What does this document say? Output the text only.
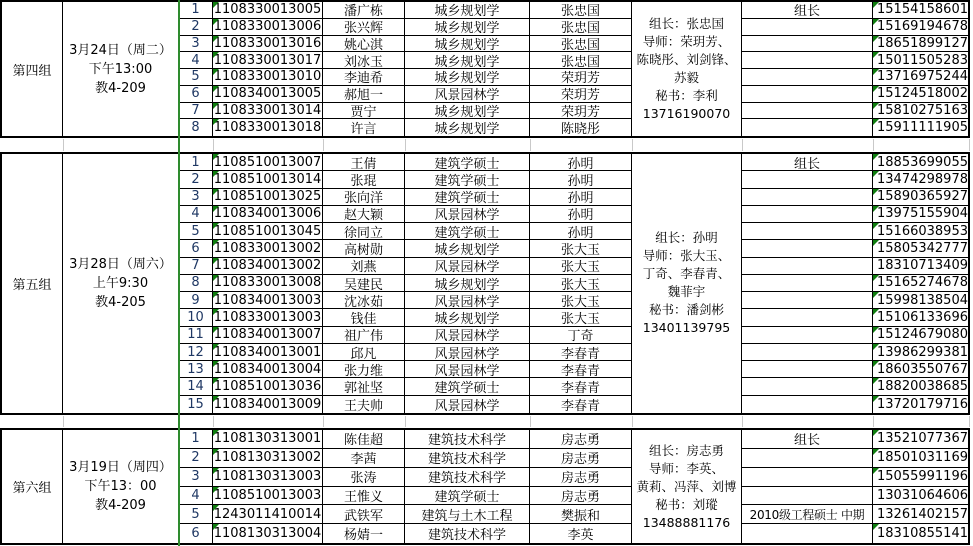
第四组
3月24日（周二）
下午13:00
教4-209
组长：张忠国
导师：荣玥芳、
陈晓彤、刘剑锋、
苏毅
秘书：李利
13716190070
1	1108330013005	潘广栋	城乡规划学	张忠国	组长	15154158601
2	1108330013006	张兴辉	城乡规划学	张忠国	15169194678
3	1108330013016	姚心淇	城乡规划学	张忠国	18651899127
4	1108330013017	刘冰玉	城乡规划学	张忠国	15011505283
5	1108330013010	李迪希	城乡规划学	荣玥芳	13716975244
6	1108340013005	郝旭一	风景园林学	荣玥芳	15124518002
7	1108330013014	贾宁	城乡规划学	荣玥芳	15810275163
8	1108330013018	许言	城乡规划学	陈晓彤	15911111905
第五组
3月28日（周六）
上午9:30
教4-205
组长：孙明
导师：张大玉、
丁奇、李春青、
魏菲宇
秘书：潘剑彬
13401139795
1	1108510013007	王倩	建筑学硕士	孙明	组长	18853699055
2	1108510013014	张琨	建筑学硕士	孙明	13474298978
3	1108510013025	张向洋	建筑学硕士	孙明	15890365927
4	1108340013006	赵大颖	风景园林学	孙明	13975155904
5	1108510013045	徐同立	建筑学硕士	孙明	15166038953
6	1108330013002	高树勋	城乡规划学	张大玉	15805342777
7	1108340013002	刘燕	风景园林学	张大玉	18310713409
8	1108330013008	吴建民	城乡规划学	张大玉	15165274678
9	1108340013003	沈冰茹	风景园林学	张大玉	15998138504
10 1108330013003	钱佳	城乡规划学	张大玉	15106133696
11 1108340013007	祖广伟	风景园林学	丁奇	15124679080
12 1108340013001	邱凡	风景园林学	李春青	13986299381
13 1108340013004	张力维	风景园林学	李春青	18603550767
14 1108510013036	郭祉坚	建筑学硕士	李春青	18820038685
15 1108340013009	王夫帅	风景园林学	李春青	13720179716
第六组
3月19日（周四）
下午13：00
教4-209
组长：房志勇
导师：李英、
黄莉、冯萍、刘博
秘书：刘瑽
13488881176
1	1108130313001	陈佳超	建筑技术科学	房志勇	组长	13521077367
2	1108130313002	李茜	建筑技术科学	房志勇	18501031169
3	1108130313003	张涛	建筑技术科学	房志勇	15055991196
4	1108510013003	王惟义	建筑学硕士	房志勇	13031064606
5	1243011410014	武铁军	建筑与土木工程	樊振和	2010级工程硕士 中期 13261402157
6	1108130313004	杨婧一	建筑技术科学	李英	18310855141
